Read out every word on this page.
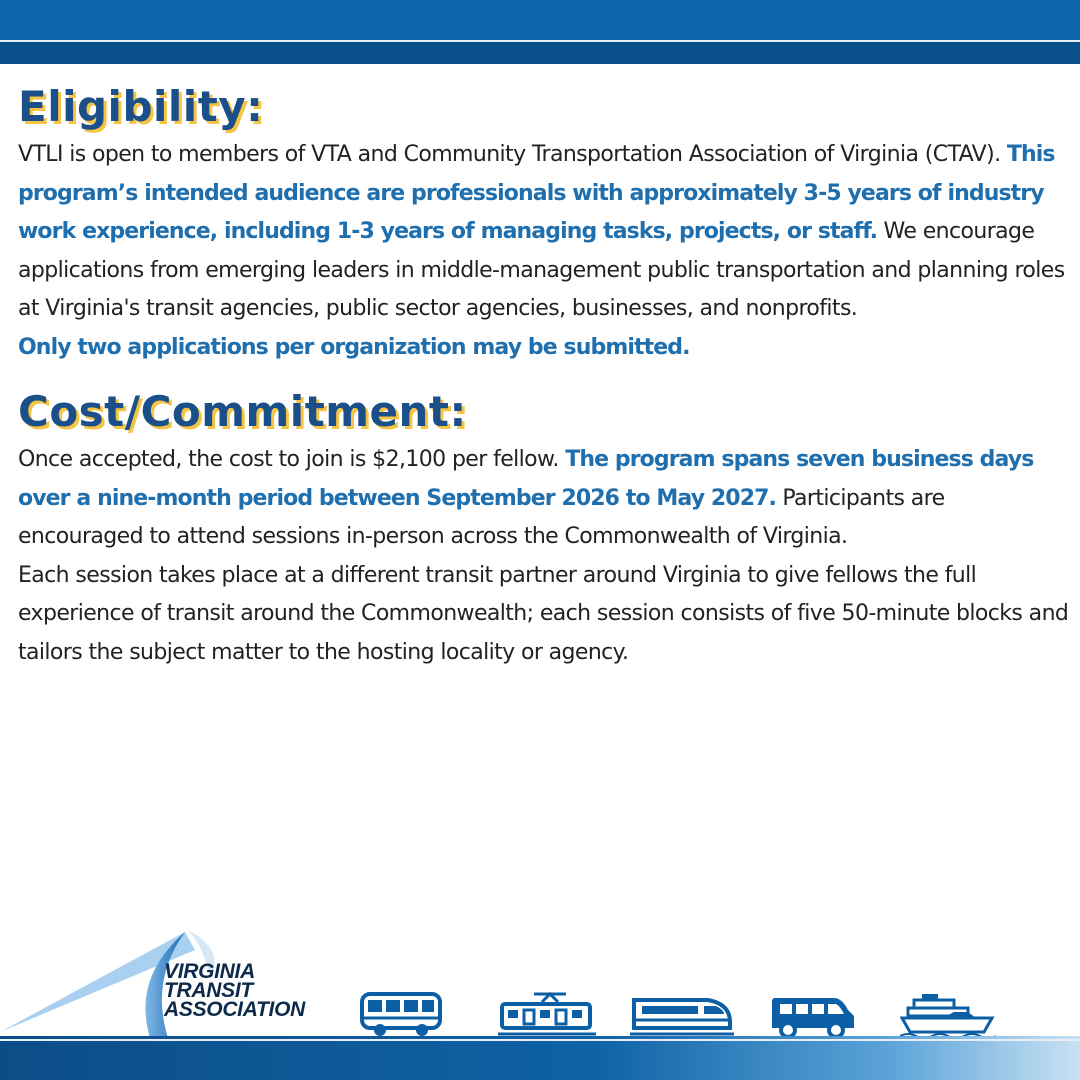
Eligibility:

VTLI is open to members of VTA and Community Transportation Association of Virginia (CTAV). This program’s intended audience are professionals with approximately 3-5 years of industry work experience, including 1-3 years of managing tasks, projects, or staff. We encourage applications from emerging leaders in middle-management public transportation and planning roles at Virginia's transit agencies, public sector agencies, businesses, and nonprofits.
Only two applications per organization may be submitted.

Cost/Commitment:

Once accepted, the cost to join is $2,100 per fellow. The program spans seven business days over a nine-month period between September 2026 to May 2027. Participants are encouraged to attend sessions in-person across the Commonwealth of Virginia.
Each session takes place at a different transit partner around Virginia to give fellows the full experience of transit around the Commonwealth; each session consists of five 50-minute blocks and tailors the subject matter to the hosting locality or agency.

VIRGINIA
TRANSIT
ASSOCIATION
